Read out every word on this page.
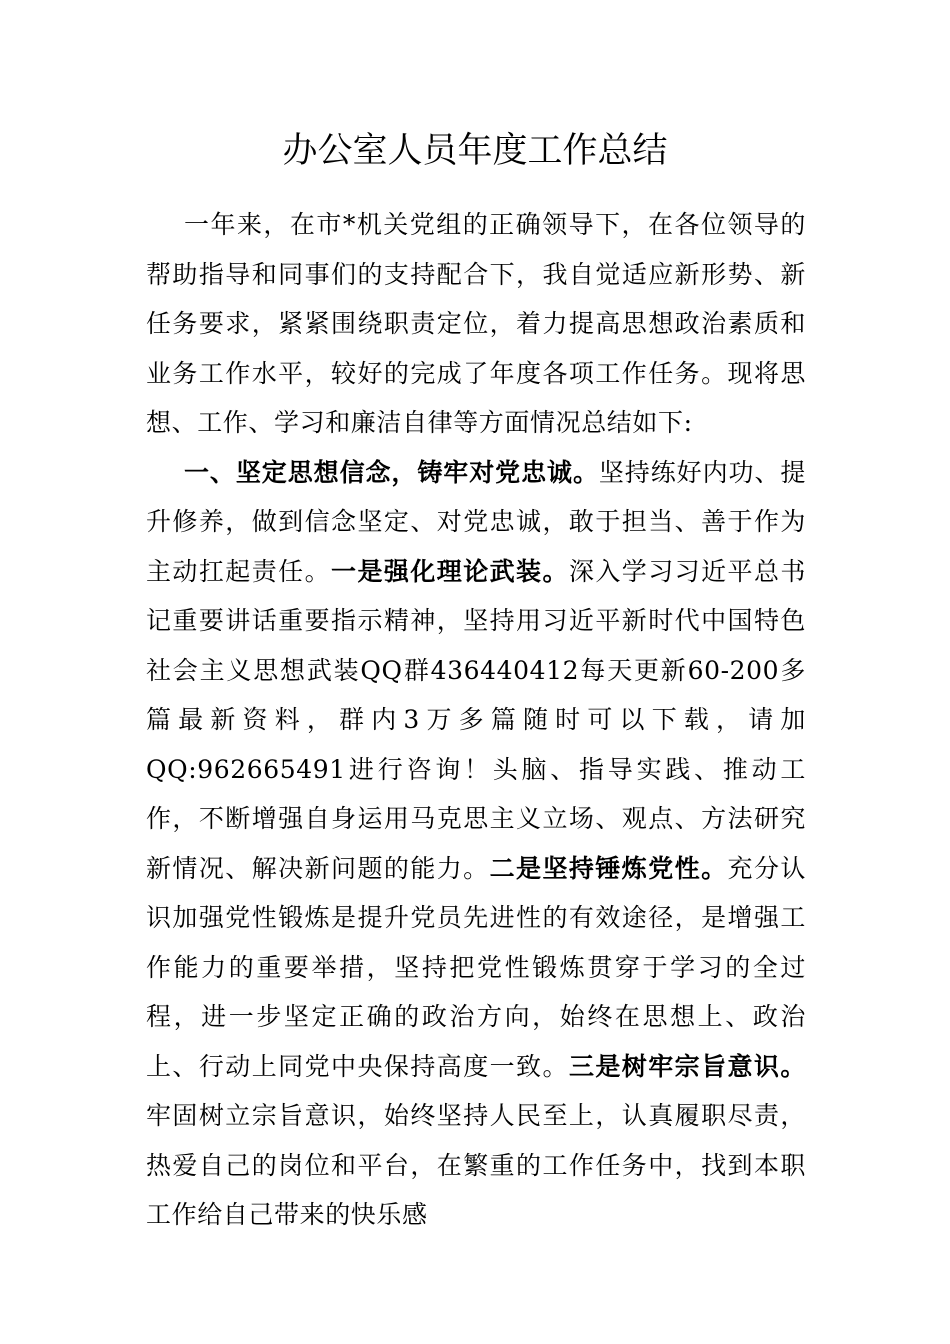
办公室人员年度工作总结

一年来，在市*机关党组的正确领导下，在各位领导的帮助指导和同事们的支持配合下，我自觉适应新形势、新任务要求，紧紧围绕职责定位，着力提高思想政治素质和业务工作水平，较好的完成了年度各项工作任务。现将思想、工作、学习和廉洁自律等方面情况总结如下:

一、坚定思想信念，铸牢对党忠诚。坚持练好内功、提升修养，做到信念坚定、对党忠诚，敢于担当、善于作为主动扛起责任。一是强化理论武装。深入学习习近平总书记重要讲话重要指示精神，坚持用习近平新时代中国特色社会主义思想武装QQ群436440412每天更新60-200多篇最新资料，群内3万多篇随时可以下载，请加QQ:962665491进行咨询！头脑、指导实践、推动工作，不断增强自身运用马克思主义立场、观点、方法研究新情况、解决新问题的能力。二是坚持锤炼党性。充分认识加强党性锻炼是提升党员先进性的有效途径，是增强工作能力的重要举措，坚持把党性锻炼贯穿于学习的全过程，进一步坚定正确的政治方向，始终在思想上、政治上、行动上同党中央保持高度一致。三是树牢宗旨意识。牢固树立宗旨意识，始终坚持人民至上，认真履职尽责，热爱自己的岗位和平台，在繁重的工作任务中，找到本职工作给自己带来的快乐感
